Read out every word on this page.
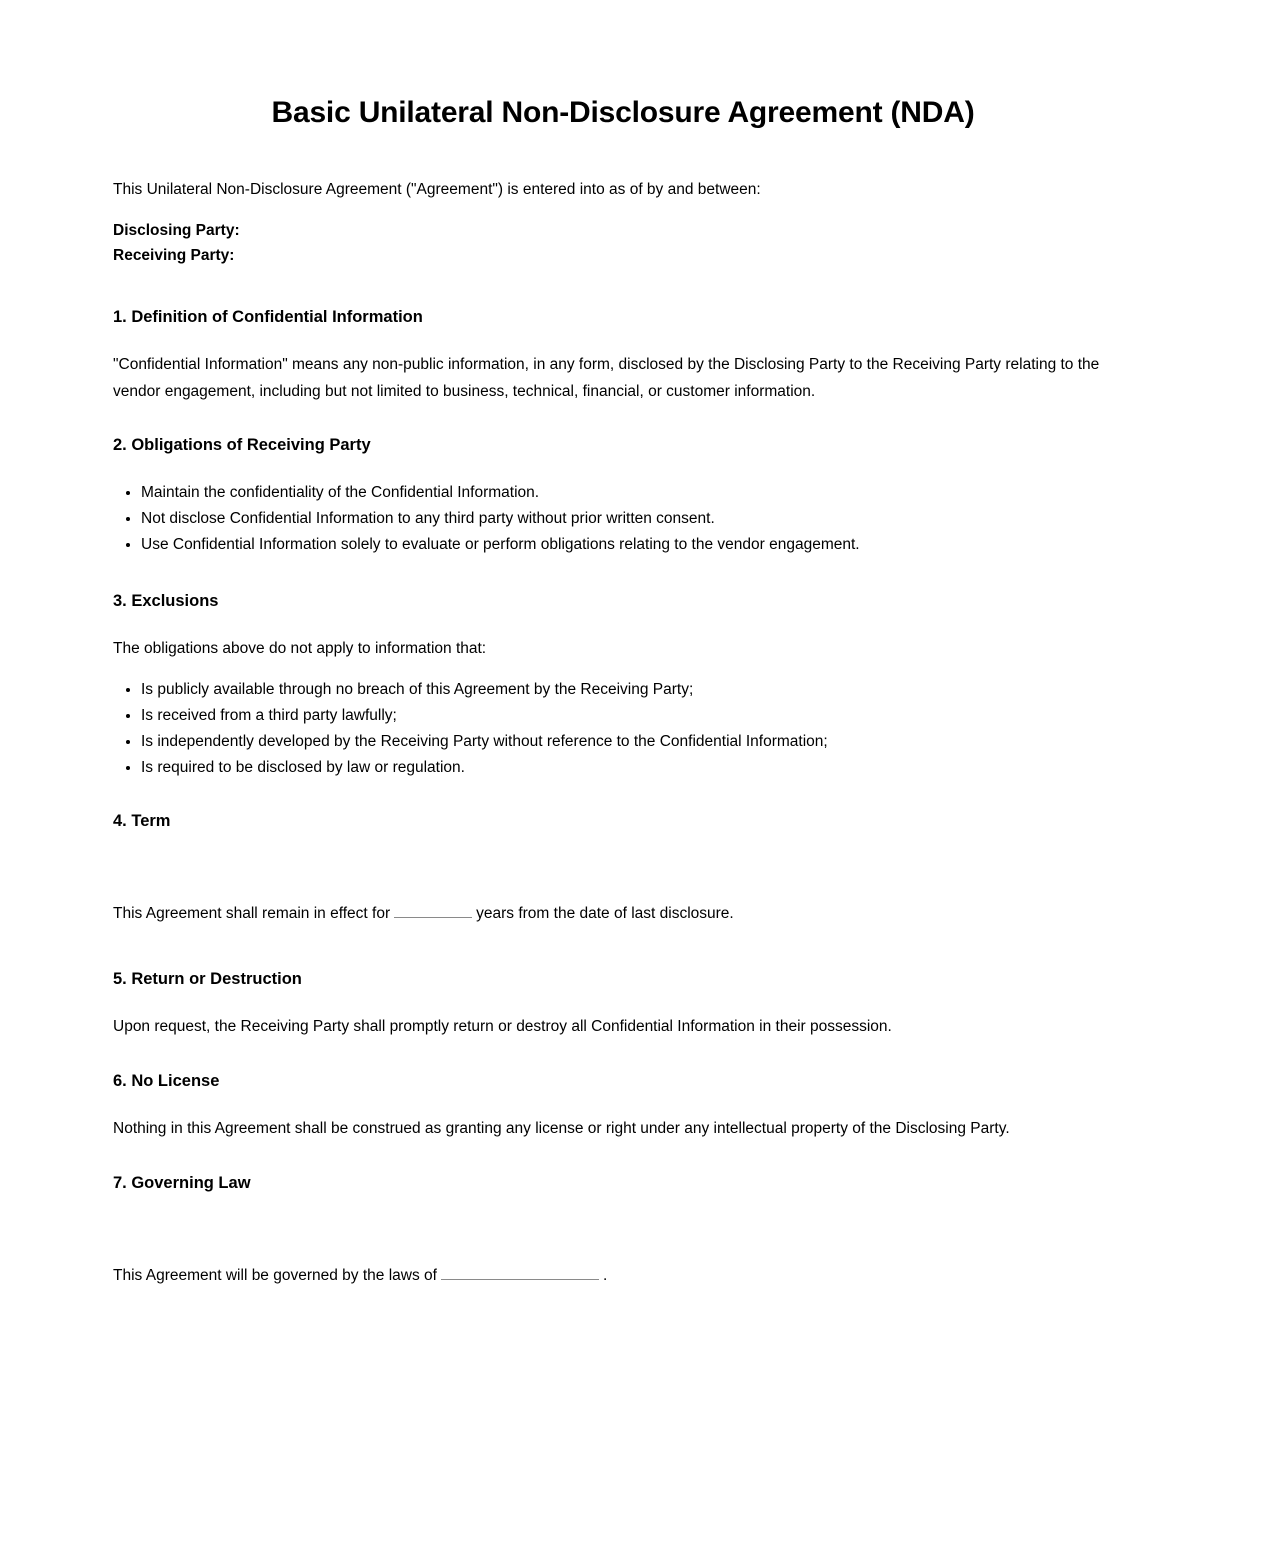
Basic Unilateral Non-Disclosure Agreement (NDA)

This Unilateral Non-Disclosure Agreement ("Agreement") is entered into as of by and between:

Disclosing Party:

Receiving Party:

1. Definition of Confidential Information

"Confidential Information" means any non-public information, in any form, disclosed by the Disclosing Party to the Receiving Party relating to the vendor engagement, including but not limited to business, technical, financial, or customer information.

2. Obligations of Receiving Party
• Maintain the confidentiality of the Confidential Information.
• Not disclose Confidential Information to any third party without prior written consent.
• Use Confidential Information solely to evaluate or perform obligations relating to the vendor engagement.
3. Exclusions

The obligations above do not apply to information that:

• Is publicly available through no breach of this Agreement by the Receiving Party;
• Is received from a third party lawfully;
• Is independently developed by the Receiving Party without reference to the Confidential Information;
• Is required to be disclosed by law or regulation.
4. Term

This Agreement shall remain in effect for	years from the date of last disclosure.

5. Return or Destruction

Upon request, the Receiving Party shall promptly return or destroy all Confidential Information in their possession.

6. No License

Nothing in this Agreement shall be construed as granting any license or right under any intellectual property of the Disclosing Party.

7. Governing Law

This Agreement will be governed by the laws of	.
